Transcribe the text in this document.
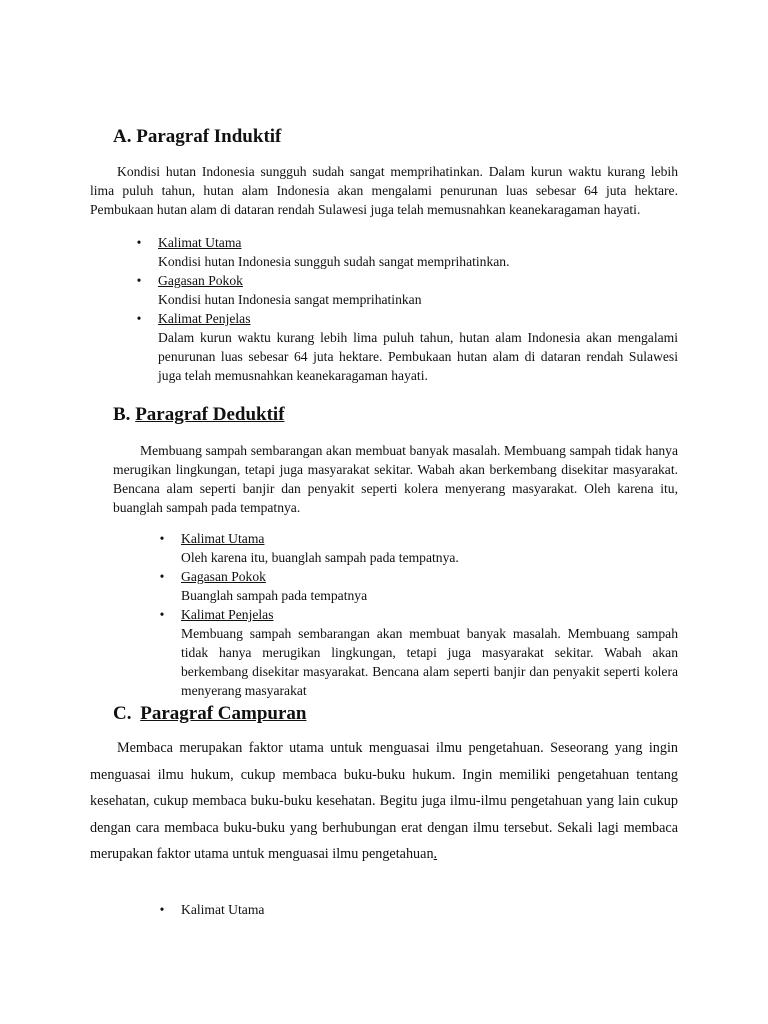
A. Paragraf Induktif

Kondisi hutan Indonesia sungguh sudah sangat memprihatinkan. Dalam kurun waktu kurang lebih lima puluh tahun, hutan alam Indonesia akan mengalami penurunan luas sebesar 64 juta hektare. Pembukaan hutan alam di dataran rendah Sulawesi juga telah memusnahkan keanekaragaman hayati.

• Kalimat Utama
Kondisi hutan Indonesia sungguh sudah sangat memprihatinkan.
• Gagasan Pokok
Kondisi hutan Indonesia sangat memprihatinkan
• Kalimat Penjelas
Dalam kurun waktu kurang lebih lima puluh tahun, hutan alam Indonesia akan mengalami penurunan luas sebesar 64 juta hektare. Pembukaan hutan alam di dataran rendah Sulawesi juga telah memusnahkan keanekaragaman hayati.
B. Paragraf Deduktif

Membuang sampah sembarangan akan membuat banyak masalah. Membuang sampah tidak hanya merugikan lingkungan, tetapi juga masyarakat sekitar. Wabah akan berkembang disekitar masyarakat. Bencana alam seperti banjir dan penyakit seperti kolera menyerang masyarakat. Oleh karena itu, buanglah sampah pada tempatnya.

• Kalimat Utama
Oleh karena itu, buanglah sampah pada tempatnya.
• Gagasan Pokok
Buanglah sampah pada tempatnya
• Kalimat Penjelas
Membuang sampah sembarangan akan membuat banyak masalah. Membuang sampah tidak hanya merugikan lingkungan, tetapi juga masyarakat sekitar. Wabah akan berkembang disekitar masyarakat. Bencana alam seperti banjir dan penyakit seperti kolera menyerang masyarakat
C. Paragraf Campuran

Membaca merupakan faktor utama untuk menguasai ilmu pengetahuan. Seseorang yang ingin menguasai ilmu hukum, cukup membaca buku-buku hukum. Ingin memiliki pengetahuan tentang kesehatan, cukup membaca buku-buku kesehatan. Begitu juga ilmu-ilmu pengetahuan yang lain cukup dengan cara membaca buku-buku yang berhubungan erat dengan ilmu tersebut. Sekali lagi membaca merupakan faktor utama untuk menguasai ilmu pengetahuan.

• Kalimat Utama
